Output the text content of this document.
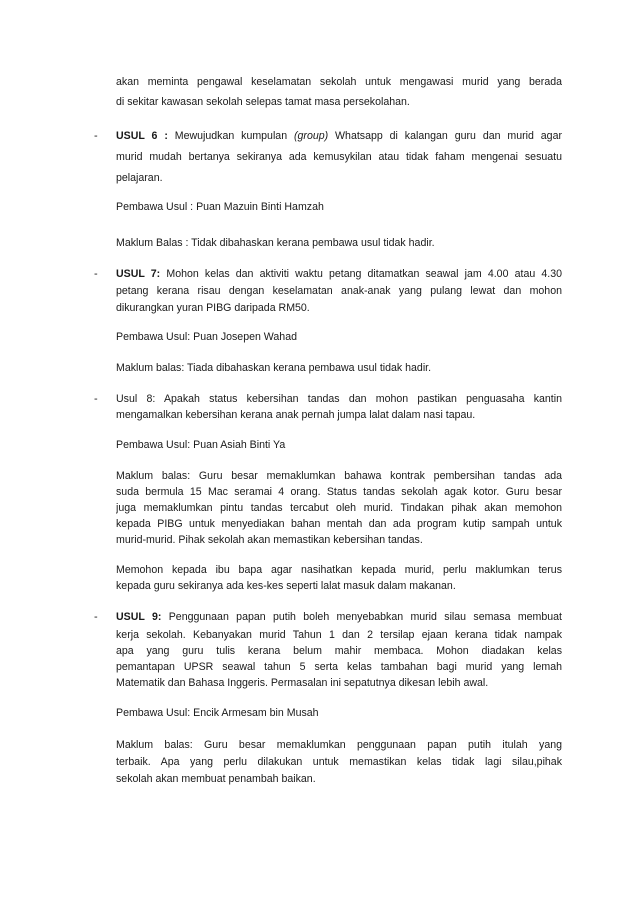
akan meminta pengawal keselamatan sekolah untuk mengawasi murid yang berada
di sekitar kawasan sekolah selepas tamat masa persekolahan.
- USUL 6 : Mewujudkan kumpulan (group) Whatsapp di kalangan guru dan murid agar
murid mudah bertanya sekiranya ada kemusykilan atau tidak faham mengenai sesuatu
pelajaran.
Pembawa Usul : Puan Mazuin Binti Hamzah
Maklum Balas : Tidak dibahaskan kerana pembawa usul tidak hadir.
- USUL 7: Mohon kelas dan aktiviti waktu petang ditamatkan seawal jam 4.00 atau 4.30
petang kerana risau dengan keselamatan anak-anak yang pulang lewat dan mohon
dikurangkan yuran PIBG daripada RM50.
Pembawa Usul: Puan Josepen Wahad
Maklum balas: Tiada dibahaskan kerana pembawa usul tidak hadir.
- Usul 8: Apakah status kebersihan tandas dan mohon pastikan penguasaha kantin
mengamalkan kebersihan kerana anak pernah jumpa lalat dalam nasi tapau.
Pembawa Usul: Puan Asiah Binti Ya
Maklum balas: Guru besar memaklumkan bahawa kontrak pembersihan tandas ada
suda bermula 15 Mac seramai 4 orang. Status tandas sekolah agak kotor. Guru besar
juga memaklumkan pintu tandas tercabut oleh murid. Tindakan pihak akan memohon
kepada PIBG untuk menyediakan bahan mentah dan ada program kutip sampah untuk
murid-murid. Pihak sekolah akan memastikan kebersihan tandas.
Memohon kepada ibu bapa agar nasihatkan kepada murid, perlu maklumkan terus
kepada guru sekiranya ada kes-kes seperti lalat masuk dalam makanan.
- USUL 9: Penggunaan papan putih boleh menyebabkan murid silau semasa membuat
kerja sekolah. Kebanyakan murid Tahun 1 dan 2 tersilap ejaan kerana tidak nampak
apa yang guru tulis kerana belum mahir membaca. Mohon diadakan kelas
pemantapan UPSR seawal tahun 5 serta kelas tambahan bagi murid yang lemah
Matematik dan Bahasa Inggeris. Permasalan ini sepatutnya dikesan lebih awal.
Pembawa Usul: Encik Armesam bin Musah
Maklum balas: Guru besar memaklumkan penggunaan papan putih itulah yang
terbaik. Apa yang perlu dilakukan untuk memastikan kelas tidak lagi silau,pihak
sekolah akan membuat penambah baikan.
